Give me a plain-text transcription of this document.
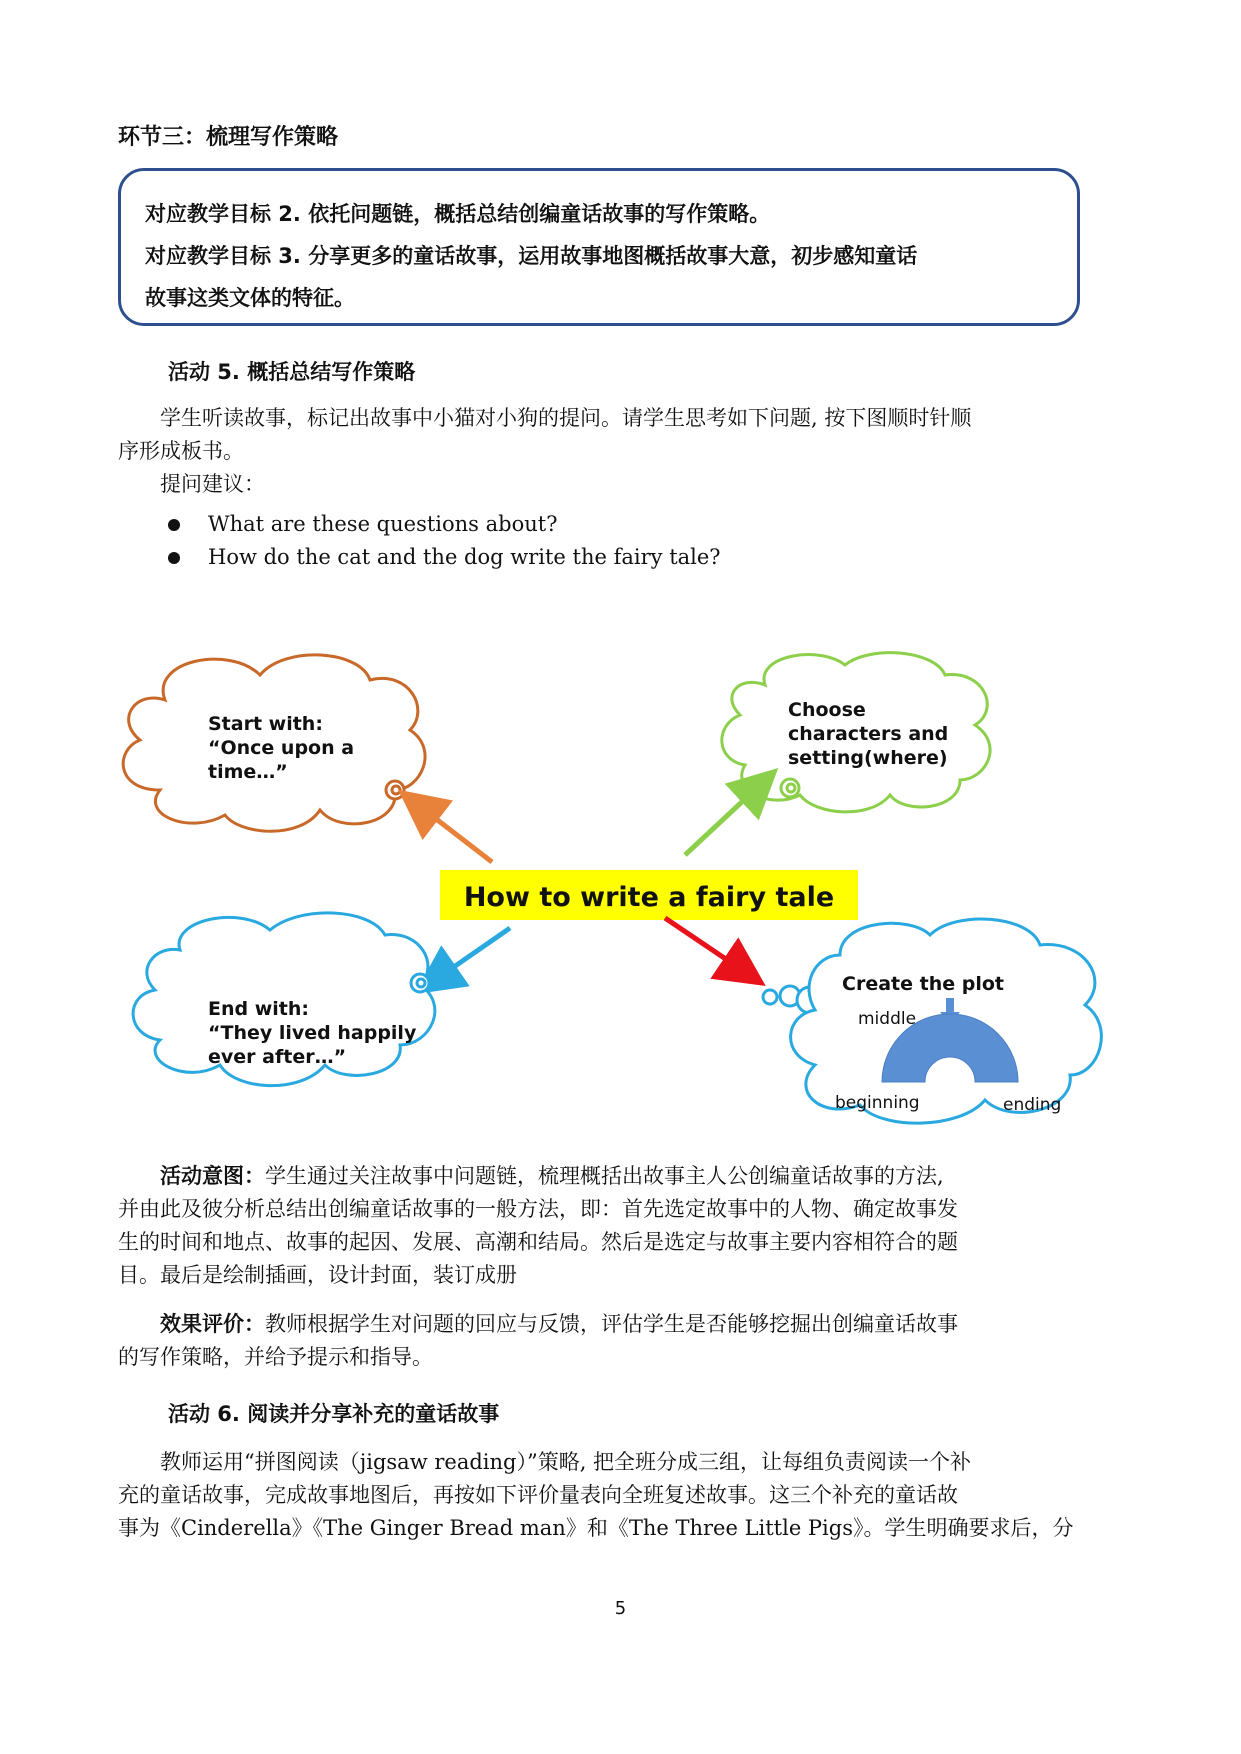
环节三：梳理写作策略

对应教学目标 2. 依托问题链，概括总结创编童话故事的写作策略。

对应教学目标 3. 分享更多的童话故事，运用故事地图概括故事大意，初步感知童话

故事这类文体的特征。

活动 5. 概括总结写作策略

学生听读故事，标记出故事中小猫对小狗的提问。请学生思考如下问题, 按下图顺时针顺

序形成板书。

提问建议：

What are these questions about?
How do the cat and the dog write the fairy tale?
Start with:
“Once upon a
time…”
Choose
characters and
setting(where)
How to write a fairy tale
End with:
“They lived happily
ever after…”
Create the plot
middle
beginning	ending

活动意图：学生通过关注故事中问题链，梳理概括出故事主人公创编童话故事的方法,

并由此及彼分析总结出创编童话故事的一般方法，即：首先选定故事中的人物、确定故事发

生的时间和地点、故事的起因、发展、高潮和结局。然后是选定与故事主要内容相符合的题

目。最后是绘制插画，设计封面，装订成册

效果评价：教师根据学生对问题的回应与反馈，评估学生是否能够挖掘出创编童话故事

的写作策略，并给予提示和指导。

活动 6. 阅读并分享补充的童话故事

教师运用“拼图阅读（jigsaw reading）”策略, 把全班分成三组，让每组负责阅读一个补

充的童话故事，完成故事地图后，再按如下评价量表向全班复述故事。这三个补充的童话故

事为《Cinderella》《The Ginger Bread man》和《The Three Little Pigs》。学生明确要求后，分

5
